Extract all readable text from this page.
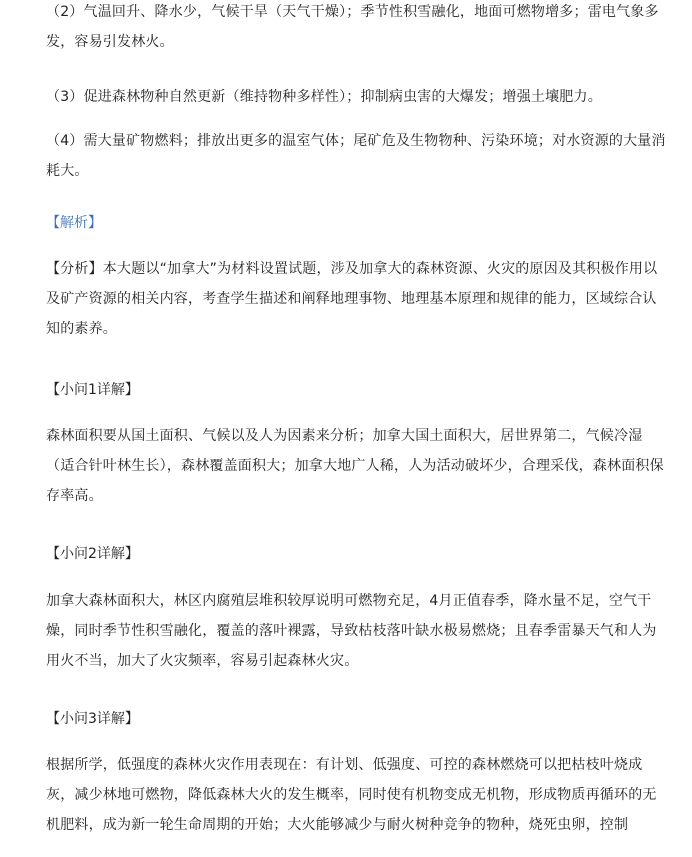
（2）气温回升、降水少，气候干旱（天气干燥）；季节性积雪融化，地面可燃物增多；雷电气象多发，容易引发林火。

（3）促进森林物种自然更新（维持物种多样性）；抑制病虫害的大爆发；增强土壤肥力。

（4）需大量矿物燃料；排放出更多的温室气体；尾矿危及生物物种、污染环境；对水资源的大量消耗大。

【解析】

【分析】本大题以“加拿大”为材料设置试题，涉及加拿大的森林资源、火灾的原因及其积极作用以及矿产资源的相关内容，考查学生描述和阐释地理事物、地理基本原理和规律的能力，区域综合认知的素养。

【小问1详解】

森林面积要从国土面积、气候以及人为因素来分析；加拿大国土面积大，居世界第二，气候冷湿（适合针叶林生长），森林覆盖面积大；加拿大地广人稀，人为活动破坏少，合理采伐，森林面积保存率高。

【小问2详解】

加拿大森林面积大，林区内腐殖层堆积较厚说明可燃物充足，4月正值春季，降水量不足，空气干燥，同时季节性积雪融化，覆盖的落叶裸露，导致枯枝落叶缺水极易燃烧；且春季雷暴天气和人为用火不当，加大了火灾频率，容易引起森林火灾。

【小问3详解】

根据所学，低强度的森林火灾作用表现在：有计划、低强度、可控的森林燃烧可以把枯枝叶烧成灰，减少林地可燃物，降低森林大火的发生概率，同时使有机物变成无机物，形成物质再循环的无机肥料，成为新一轮生命周期的开始；大火能够减少与耐火树种竞争的物种，烧死虫卵，控制
